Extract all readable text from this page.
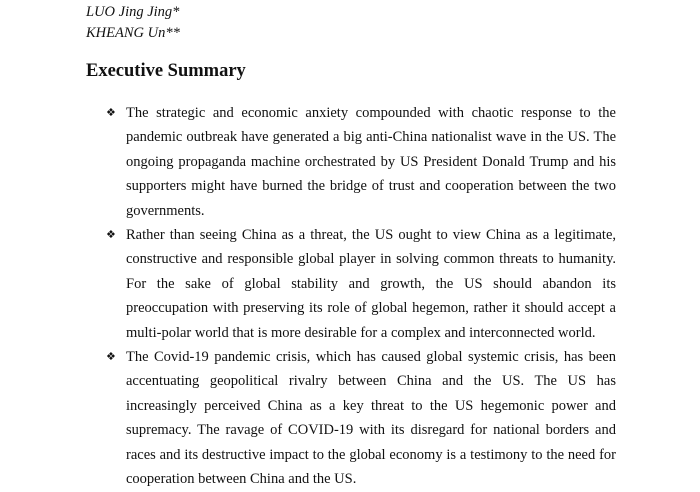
LUO Jing Jing*
KHEANG Un**
Executive Summary
❖ The strategic and economic anxiety compounded with chaotic response to the pandemic outbreak have generated a big anti-China nationalist wave in the US. The ongoing propaganda machine orchestrated by US President Donald Trump and his supporters might have burned the bridge of trust and cooperation between the two governments.
❖ Rather than seeing China as a threat, the US ought to view China as a legitimate, constructive and responsible global player in solving common threats to humanity. For the sake of global stability and growth, the US should abandon its preoccupation with preserving its role of global hegemon, rather it should accept a multi-polar world that is more desirable for a complex and interconnected world.
❖ The Covid-19 pandemic crisis, which has caused global systemic crisis, has been accentuating geopolitical rivalry between China and the US. The US has increasingly perceived China as a key threat to the US hegemonic power and supremacy. The ravage of COVID-19 with its disregard for national borders and races and its destructive impact to the global economy is a testimony to the need for cooperation between China and the US.
